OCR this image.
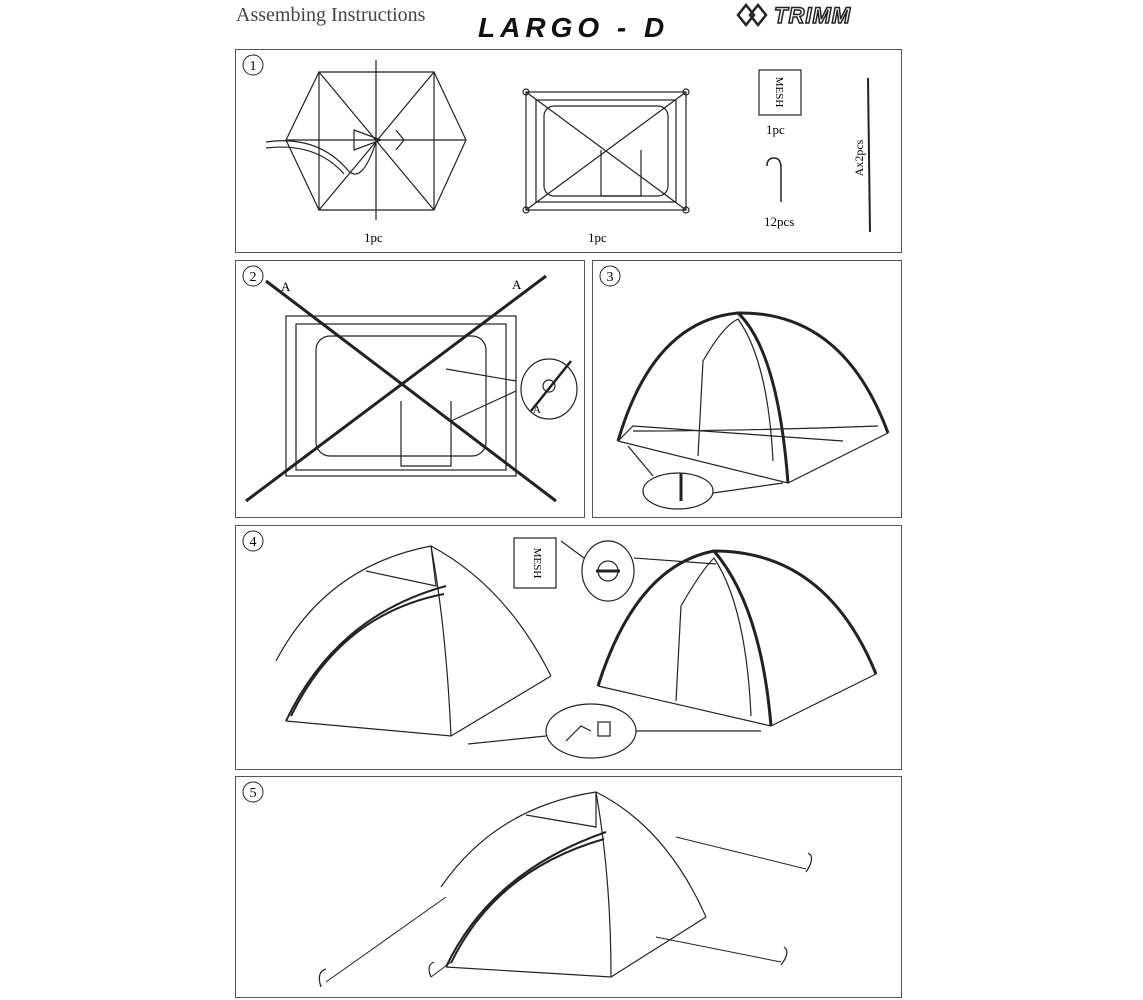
Assembing Instructions LARGO - D	TRIMM
1
1pc	1pc
MESH
1pc
12pcs
Ax2pcs
2
A	A
A
3
4
MESH
5
